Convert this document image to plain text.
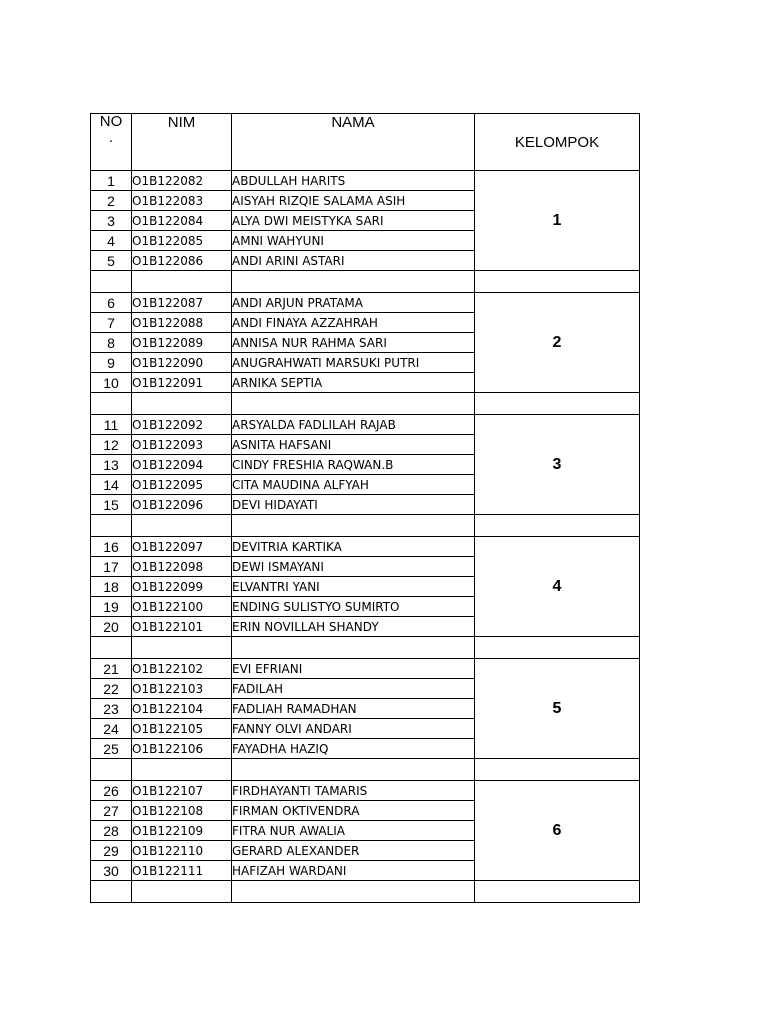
NO
.	NIM	NAMA	KELOMPOK
1	O1B122082	ABDULLAH HARITS	1
2	O1B122083	AISYAH RIZQIE SALAMA ASIH	
3	O1B122084	ALYA DWI MEISTYKA SARI	
4	O1B122085	AMNI WAHYUNI	
5	O1B122086	ANDI ARINI ASTARI	

6	O1B122087	ANDI ARJUN PRATAMA	2
7	O1B122088	ANDI FINAYA AZZAHRAH	
8	O1B122089	ANNISA NUR RAHMA SARI	
9	O1B122090	ANUGRAHWATI MARSUKI PUTRI	
10	O1B122091	ARNIKA SEPTIA	

11	O1B122092	ARSYALDA FADLILAH RAJAB	3
12	O1B122093	ASNITA HAFSANI	
13	O1B122094	CINDY FRESHIA RAQWAN.B	
14	O1B122095	CITA MAUDINA ALFYAH	
15	O1B122096	DEVI HIDAYATI	

16	O1B122097	DEVITRIA KARTIKA	4
17	O1B122098	DEWI ISMAYANI	
18	O1B122099	ELVANTRI YANI	
19	O1B122100	ENDING SULISTYO SUMIRTO	
20	O1B122101	ERIN NOVILLAH SHANDY	

21	O1B122102	EVI EFRIANI	5
22	O1B122103	FADILAH	
23	O1B122104	FADLIAH RAMADHAN	
24	O1B122105	FANNY OLVI ANDARI	
25	O1B122106	FAYADHA HAZIQ	

26	O1B122107	FIRDHAYANTI TAMARIS	6
27	O1B122108	FIRMAN OKTIVENDRA	
28	O1B122109	FITRA NUR AWALIA	
29	O1B122110	GERARD ALEXANDER	
30	O1B122111	HAFIZAH WARDANI	
